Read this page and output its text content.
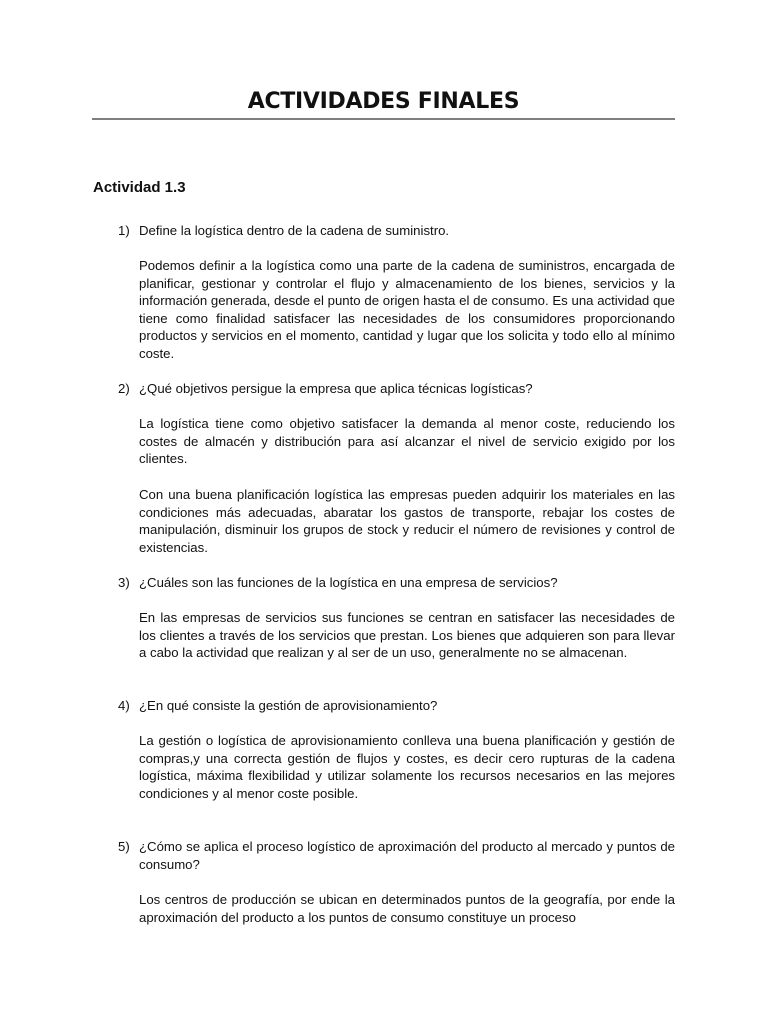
ACTIVIDADES FINALES
Actividad 1.3
1) Define la logística dentro de la cadena de suministro.
Podemos definir a la logística como una parte de la cadena de suministros, encargada de planificar, gestionar y controlar el flujo y almacenamiento de los bienes, servicios y la información generada, desde el punto de origen hasta el de consumo. Es una actividad que tiene como finalidad satisfacer las necesidades de los consumidores proporcionando productos y servicios en el momento, cantidad y lugar que los solicita y todo ello al mínimo coste.
2) ¿Qué objetivos persigue la empresa que aplica técnicas logísticas?
La logística tiene como objetivo satisfacer la demanda al menor coste, reduciendo los costes de almacén y distribución para así alcanzar el nivel de servicio exigido por los clientes.
Con una buena planificación logística las empresas pueden adquirir los materiales en las condiciones más adecuadas, abaratar los gastos de transporte, rebajar los costes de manipulación, disminuir los grupos de stock y reducir el número de revisiones y control de existencias.
3) ¿Cuáles son las funciones de la logística en una empresa de servicios?
En las empresas de servicios sus funciones se centran en satisfacer las necesidades de los clientes a través de los servicios que prestan. Los bienes que adquieren son para llevar a cabo la actividad que realizan y al ser de un uso, generalmente no se almacenan.
4) ¿En qué consiste la gestión de aprovisionamiento?
La gestión o logística de aprovisionamiento conlleva una buena planificación y gestión de compras,y una correcta gestión de flujos y costes, es decir cero rupturas de la cadena logística, máxima flexibilidad y utilizar solamente los recursos necesarios en las mejores condiciones y al menor coste posible.
5) ¿Cómo se aplica el proceso logístico de aproximación del producto al mercado y puntos de consumo?
Los centros de producción se ubican en determinados puntos de la geografía, por ende la aproximación del producto a los puntos de consumo constituye un proceso
